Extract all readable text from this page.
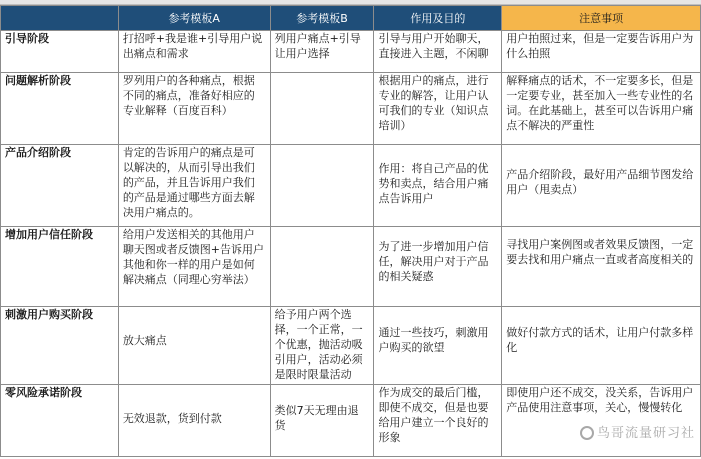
	参考模板A	参考模板B	作用及目的	注意事项
引导阶段	打招呼+我是谁+引导用户说出痛点和需求	列用户痛点+引导让用户选择	引导与用户开始聊天，直接进入主题，不闲聊	用户拍照过来，但是一定要告诉用户为什么拍照
问题解析阶段	罗列用户的各种痛点，根据不同的痛点，准备好相应的专业解释（百度百科）		根据用户的痛点，进行专业的解答，让用户认可我们的专业（知识点培训）	解释痛点的话术，不一定要多长，但是一定要专业，甚至加入一些专业性的名词。在此基础上，甚至可以告诉用户痛点不解决的严重性
产品介绍阶段	肯定的告诉用户的痛点是可以解决的，从而引导出我们的产品，并且告诉用户我们的产品是通过哪些方面去解决用户痛点的。		作用：将自己产品的优势和卖点，结合用户痛点告诉用户	产品介绍阶段，最好用产品细节图发给用户（甩卖点）
增加用户信任阶段	给用户发送相关的其他用户聊天图或者反馈图+告诉用户其他和你一样的用户是如何解决痛点（同理心穷举法）		为了进一步增加用户信任，解决用户对于产品的相关疑惑	寻找用户案例图或者效果反馈图，一定要去找和用户痛点一直或者高度相关的
刺激用户购买阶段	放大痛点	给予用户两个选择，一个正常，一个优惠，抛活动吸引用户，活动必须是限时限量活动	通过一些技巧，刺激用户购买的欲望	做好付款方式的话术，让用户付款多样化
零风险承诺阶段	无效退款，货到付款	类似7天无理由退货	作为成交的最后门槛，即使不成交，但是也要给用户建立一个良好的形象	即使用户还不成交，没关系，告诉用户产品使用注意事项，关心，慢慢转化
鸟哥流量研习社
